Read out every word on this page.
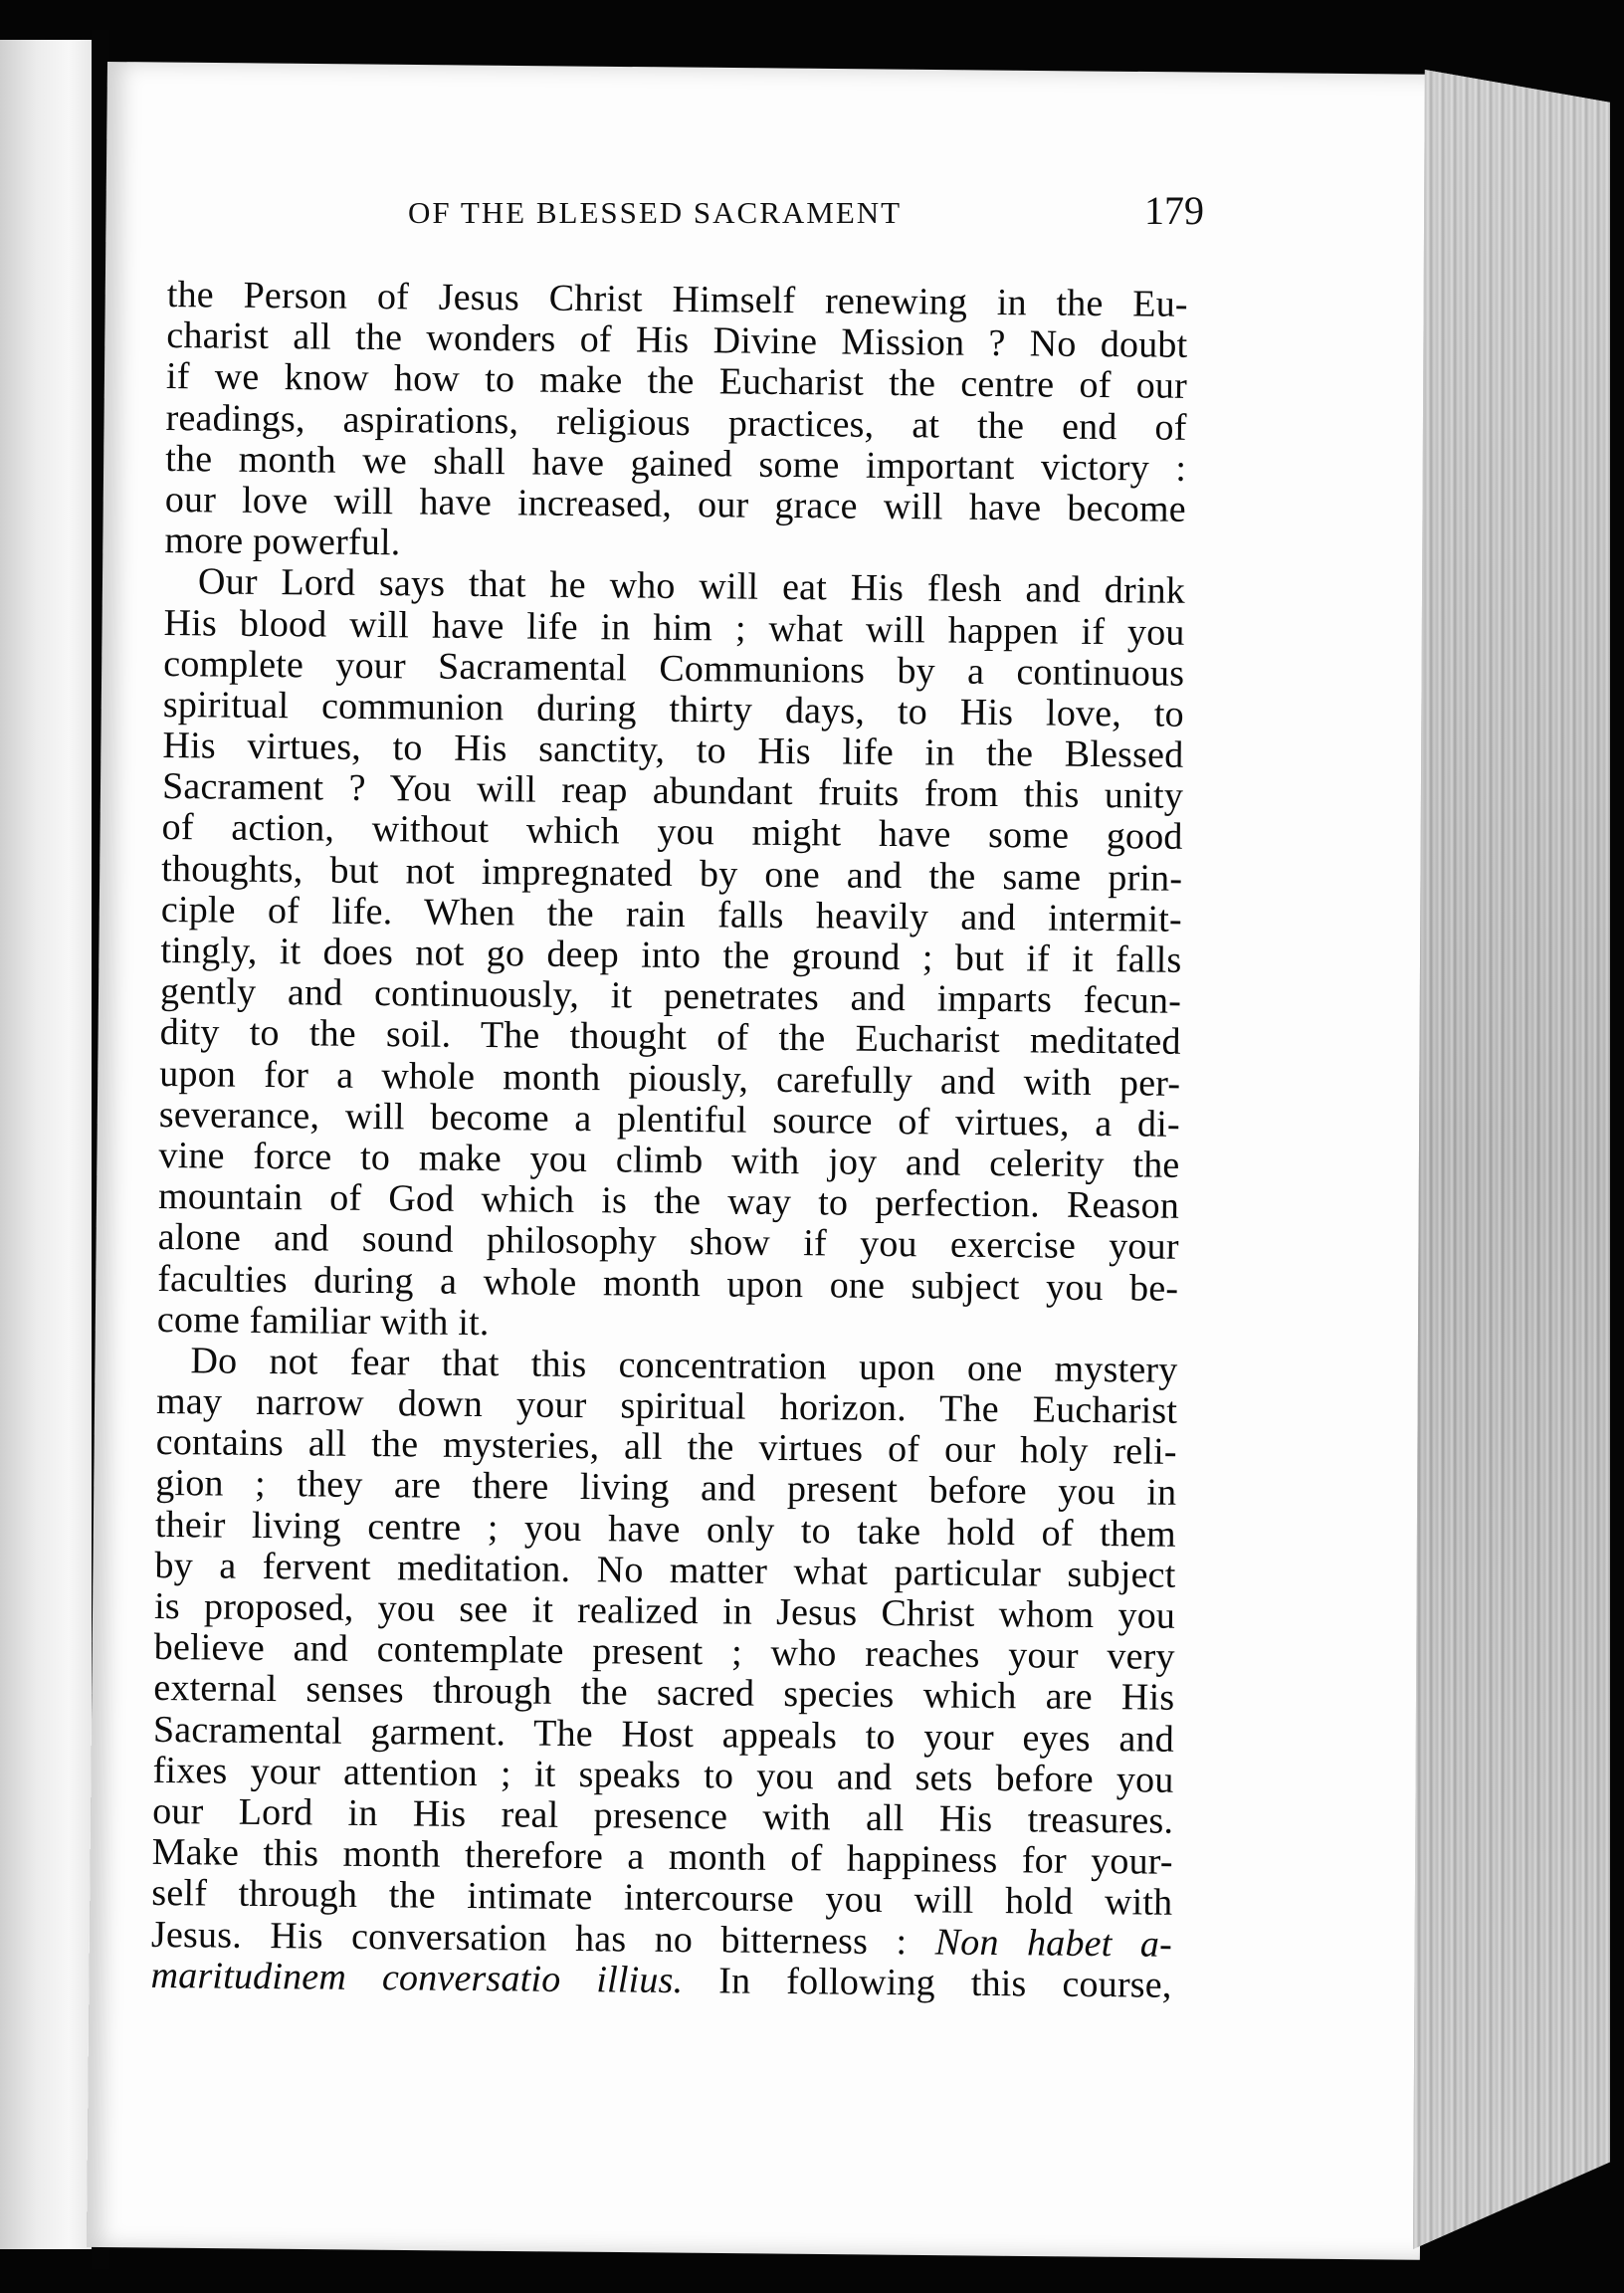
OF THE BLESSED SACRAMENT	179
the Person of Jesus Christ Himself renewing in the Eu-
charist all the wonders of His Divine Mission ? No doubt
if we know how to make the Eucharist the centre of our
readings, aspirations, religious practices, at the end of
the month we shall have gained some important victory :
our love will have increased, our grace will have become
more powerful.
Our Lord says that he who will eat His flesh and drink
His blood will have life in him ; what will happen if you
complete your Sacramental Communions by a continuous
spiritual communion during thirty days, to His love, to
His virtues, to His sanctity, to His life in the Blessed
Sacrament ? You will reap abundant fruits from this unity
of action, without which you might have some good
thoughts, but not impregnated by one and the same prin-
ciple of life. When the rain falls heavily and intermit-
tingly, it does not go deep into the ground ; but if it falls
gently and continuously, it penetrates and imparts fecun-
dity to the soil. The thought of the Eucharist meditated
upon for a whole month piously, carefully and with per-
severance, will become a plentiful source of virtues, a di-
vine force to make you climb with joy and celerity the
mountain of God which is the way to perfection. Reason
alone and sound philosophy show if you exercise your
faculties during a whole month upon one subject you be-
come familiar with it.
Do not fear that this concentration upon one mystery
may narrow down your spiritual horizon. The Eucharist
contains all the mysteries, all the virtues of our holy reli-
gion ; they are there living and present before you in
their living centre ; you have only to take hold of them
by a fervent meditation. No matter what particular subject
is proposed, you see it realized in Jesus Christ whom you
believe and contemplate present ; who reaches your very
external senses through the sacred species which are His
Sacramental garment. The Host appeals to your eyes and
fixes your attention ; it speaks to you and sets before you
our Lord in His real presence with all His treasures.
Make this month therefore a month of happiness for your-
self through the intimate intercourse you will hold with
Jesus. His conversation has no bitterness : Non habet a-
maritudinem conversatio illius. In following this course,
